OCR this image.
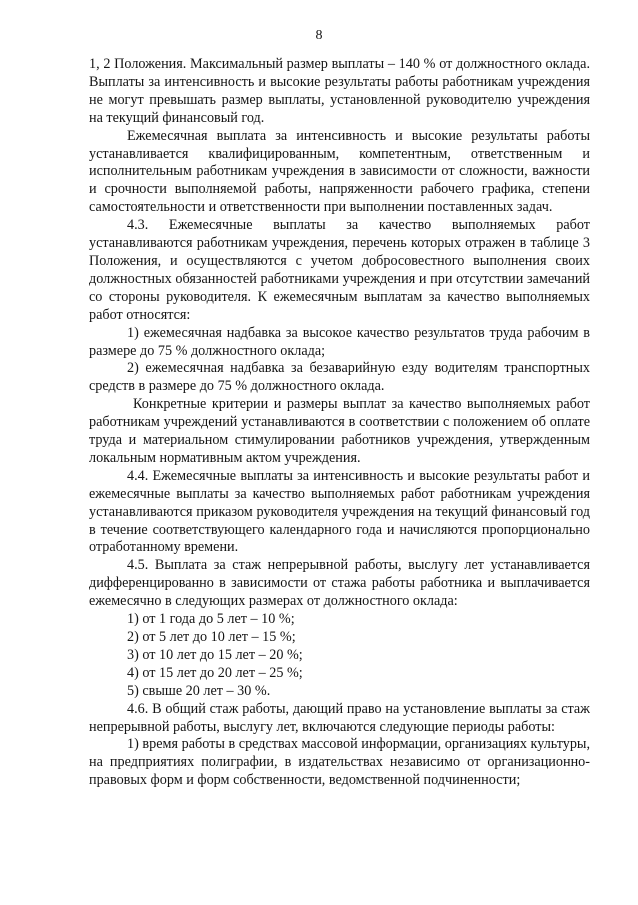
8

1, 2 Положения. Максимальный размер выплаты – 140 % от должностного оклада. Выплаты за интенсивность и высокие результаты работы работникам учреждения не могут превышать размер выплаты, установленной руководителю учреждения на текущий финансовый год.

Ежемесячная выплата за интенсивность и высокие результаты работы устанавливается квалифицированным, компетентным, ответственным и исполнительным работникам учреждения в зависимости от сложности, важности и срочности выполняемой работы, напряженности рабочего графика, степени самостоятельности и ответственности при выполнении поставленных задач.

4.3. Ежемесячные выплаты за качество выполняемых работ устанавливаются работникам учреждения, перечень которых отражен в таблице 3 Положения, и осуществляются с учетом добросовестного выполнения своих должностных обязанностей работниками учреждения и при отсутствии замечаний со стороны руководителя. К ежемесячным выплатам за качество выполняемых работ относятся:

1) ежемесячная надбавка за высокое качество результатов труда рабочим в размере до 75 % должностного оклада;

2) ежемесячная надбавка за безаварийную езду водителям транспортных средств в размере до 75 % должностного оклада.

Конкретные критерии и размеры выплат за качество выполняемых работ работникам учреждений устанавливаются в соответствии с положением об оплате труда и материальном стимулировании работников учреждения, утвержденным локальным нормативным актом учреждения.

4.4. Ежемесячные выплаты за интенсивность и высокие результаты работ и ежемесячные выплаты за качество выполняемых работ работникам учреждения устанавливаются приказом руководителя учреждения на текущий финансовый год в течение соответствующего календарного года и начисляются пропорционально отработанному времени.

4.5. Выплата за стаж непрерывной работы, выслугу лет устанавливается дифференцированно в зависимости от стажа работы работника и выплачивается ежемесячно в следующих размерах от должностного оклада:

1) от 1 года до 5 лет – 10 %;

2) от 5 лет до 10 лет – 15 %;

3) от 10 лет до 15 лет – 20 %;

4) от 15 лет до 20 лет – 25 %;

5) свыше 20 лет – 30 %.

4.6. В общий стаж работы, дающий право на установление выплаты за стаж непрерывной работы, выслугу лет, включаются следующие периоды работы:

1) время работы в средствах массовой информации, организациях культуры, на предприятиях полиграфии, в издательствах независимо от организационно-правовых форм и форм собственности, ведомственной подчиненности;
